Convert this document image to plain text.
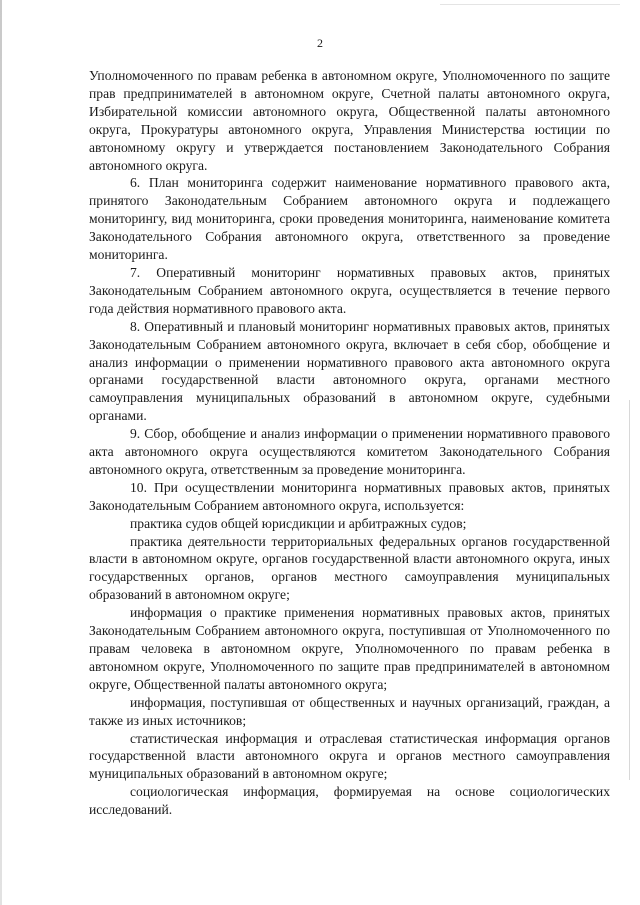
2

Уполномоченного по правам ребенка в автономном округе, Уполномоченного по защите прав предпринимателей в автономном округе, Счетной палаты автономного округа, Избирательной комиссии автономного округа, Общественной палаты автономного округа, Прокуратуры автономного округа, Управления Министерства юстиции по автономному округу и утверждается постановлением Законодательного Собрания автономного округа.

6. План мониторинга содержит наименование нормативного правового акта, принятого Законодательным Собранием автономного округа и подлежащего мониторингу, вид мониторинга, сроки проведения мониторинга, наименование комитета Законодательного Собрания автономного округа, ответственного за проведение мониторинга.

7. Оперативный мониторинг нормативных правовых актов, принятых Законодательным Собранием автономного округа, осуществляется в течение первого года действия нормативного правового акта.

8. Оперативный и плановый мониторинг нормативных правовых актов, принятых Законодательным Собранием автономного округа, включает в себя сбор, обобщение и анализ информации о применении нормативного правового акта автономного округа органами государственной власти автономного округа, органами местного самоуправления муниципальных образований в автономном округе, судебными органами.

9. Сбор, обобщение и анализ информации о применении нормативного правового акта автономного округа осуществляются комитетом Законодательного Собрания автономного округа, ответственным за проведение мониторинга.

10. При осуществлении мониторинга нормативных правовых актов, принятых Законодательным Собранием автономного округа, используется:

практика судов общей юрисдикции и арбитражных судов;

практика деятельности территориальных федеральных органов государственной власти в автономном округе, органов государственной власти автономного округа, иных государственных органов, органов местного самоуправления муниципальных образований в автономном округе;

информация о практике применения нормативных правовых актов, принятых Законодательным Собранием автономного округа, поступившая от Уполномоченного по правам человека в автономном округе, Уполномоченного по правам ребенка в автономном округе, Уполномоченного по защите прав предпринимателей в автономном округе, Общественной палаты автономного округа;

информация, поступившая от общественных и научных организаций, граждан, а также из иных источников;

статистическая информация и отраслевая статистическая информация органов государственной власти автономного округа и органов местного самоуправления муниципальных образований в автономном округе;

социологическая информация, формируемая на основе социологических исследований.
